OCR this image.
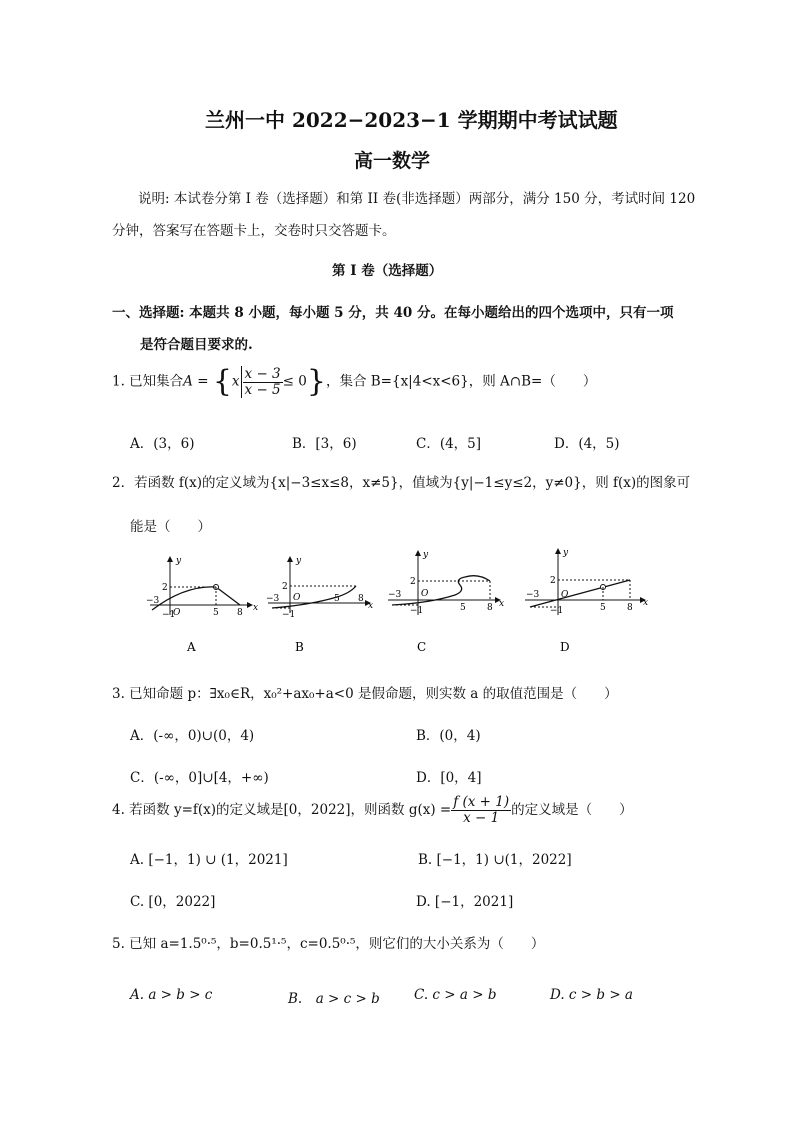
兰州一中 2022−2023−1 学期期中考试试题
高一数学
说明: 本试卷分第 I 卷（选择题）和第 II 卷(非选择题）两部分，满分 150 分，考试时间 120
分钟，答案写在答题卡上，交卷时只交答题卡。
第 I 卷（选择题）
一、选择题: 本题共 8 小题，每小题 5 分，共 40 分。在每小题给出的四个选项中，只有一项
是符合题目要求的.
1. 已知集合$A = \{x \frac{x - 3}{x - 5} \le 0\}$，集合 B={x|4<x<6}，则 A∩B=（　　）
A．(3，6)	B．[3，6)	C．(4，5]	D．(4，5)
2．若函数 f(x)的定义域为{x|−3≤x≤8，x≠5}，值域为{y|−1≤y≤2，y≠0}，则 f(x)的图象可
能是（　　）
y
x
−3
2
O
−1	5 8
A
y
x
−3
2
O
−1
5 8
B
y
x
−3
2
O
−1	5 8
C
y
x
−3
2
O
−1	5 8
D
3. 已知命题 p：∃x₀∈R，x₀²+ax₀+a<0 是假命题，则实数 a 的取值范围是（　　）
A．(-∞，0)∪(0，4)	B．(0，4)
C．(-∞，0]∪[4，+∞)	D．[0，4]
4. 若函数 y=f(x)的定义域是[0，2022]，则函数 $g(x) = \frac{f (x + 1)}{x - 1}$ 的定义域是（　　）
A. [−1，1) ∪ (1，2021]	B. [−1，1) ∪(1，2022]
C. [0，2022]	D. [−1，2021]
5. 已知 a=1.5⁰·⁵，b=0.5¹·⁵，c=0.5⁰·⁵，则它们的大小关系为（　　）
A. a > b > c	B.　a > c > b	C. c > a > b	D. c > b > a
